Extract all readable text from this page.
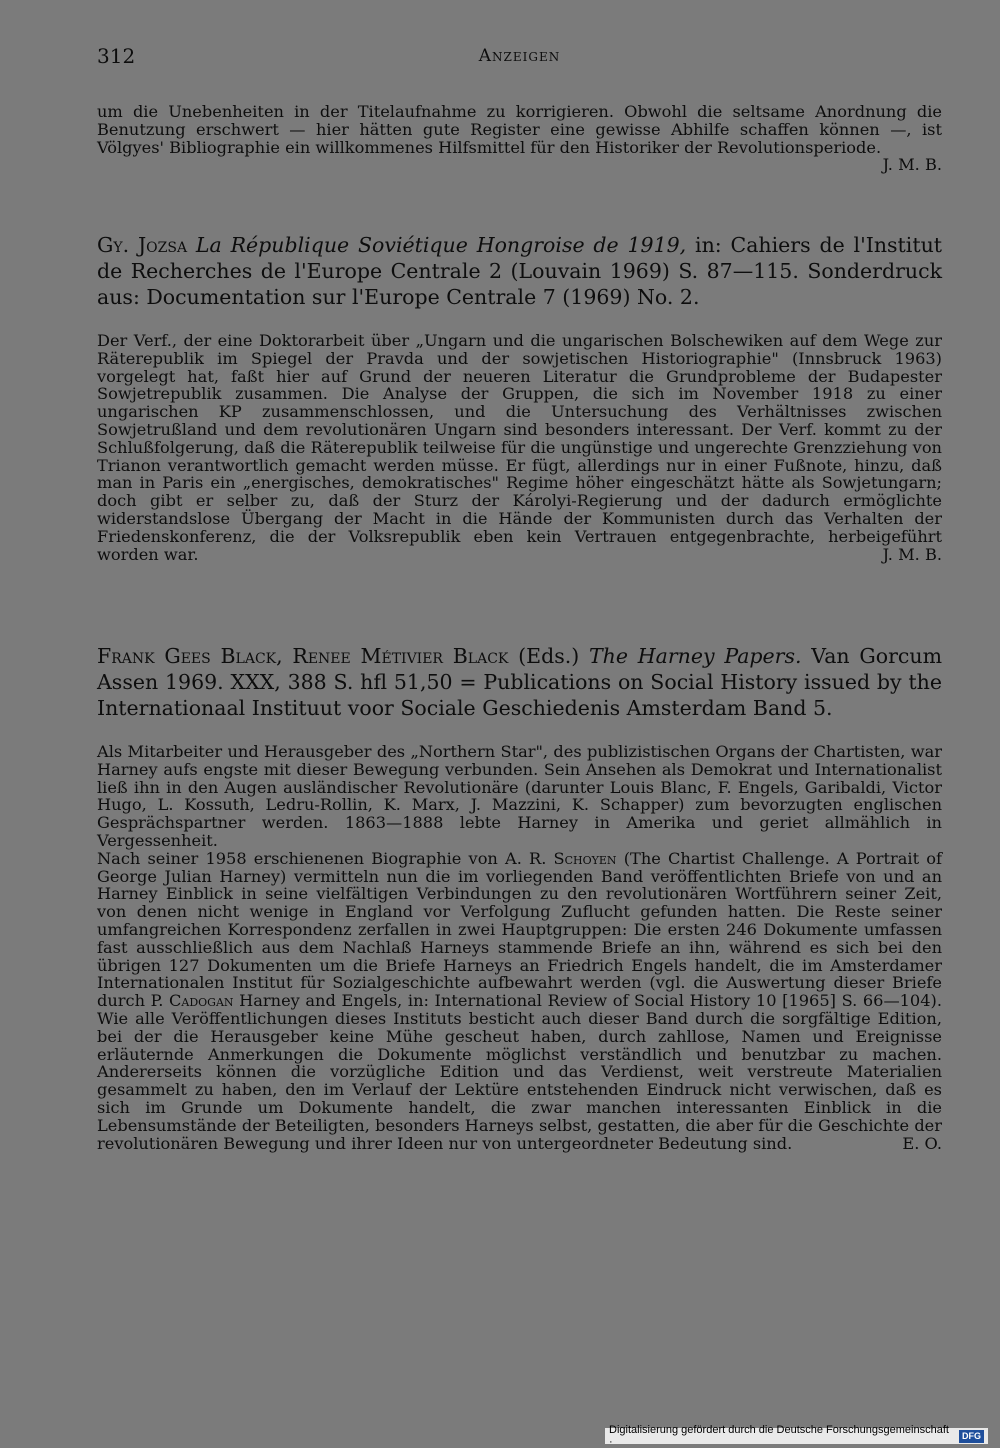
312	Anzeigen

um die Unebenheiten in der Titelaufnahme zu korrigieren. Obwohl die seltsame Anordnung die Benutzung erschwert — hier hätten gute Register eine gewisse Abhilfe schaffen können —, ist Völgyes' Bibliographie ein willkommenes Hilfsmittel für den Historiker der Revolutionsperiode.
J. M. B.

Gy. Jozsa La République Soviétique Hongroise de 1919, in: Cahiers de l'Institut de Recherches de l'Europe Centrale 2 (Louvain 1969) S. 87—115. Sonderdruck aus: Documentation sur l'Europe Centrale 7 (1969) No. 2.

Der Verf., der eine Doktorarbeit über „Ungarn und die ungarischen Bolschewiken auf dem Wege zur Räterepublik im Spiegel der Pravda und der sowjetischen Historiographie" (Innsbruck 1963) vorgelegt hat, faßt hier auf Grund der neueren Literatur die Grundprobleme der Budapester Sowjetrepublik zusammen. Die Analyse der Gruppen, die sich im November 1918 zu einer ungarischen KP zusammenschlossen, und die Untersuchung des Verhältnisses zwischen Sowjetrußland und dem revolutionären Ungarn sind besonders interessant. Der Verf. kommt zu der Schlußfolgerung, daß die Räterepublik teilweise für die ungünstige und ungerechte Grenzziehung von Trianon verantwortlich gemacht werden müsse. Er fügt, allerdings nur in einer Fußnote, hinzu, daß man in Paris ein „energisches, demokratisches" Regime höher eingeschätzt hätte als Sowjetungarn; doch gibt er selber zu, daß der Sturz der Károlyi-Regierung und der dadurch ermöglichte widerstandslose Übergang der Macht in die Hände der Kommunisten durch das Verhalten der Friedenskonferenz, die der Volksrepublik eben kein Vertrauen entgegenbrachte, herbeigeführt worden war.	J. M. B.

Frank Gees Black, Renee Métivier Black (Eds.) The Harney Papers. Van Gorcum Assen 1969. XXX, 388 S. hfl 51,50 = Publications on Social History issued by the Internationaal Instituut voor Sociale Geschiedenis Amsterdam Band 5.

Als Mitarbeiter und Herausgeber des „Northern Star", des publizistischen Organs der Chartisten, war Harney aufs engste mit dieser Bewegung verbunden. Sein Ansehen als Demokrat und Internationalist ließ ihn in den Augen ausländischer Revolutionäre (darunter Louis Blanc, F. Engels, Garibaldi, Victor Hugo, L. Kossuth, Ledru-Rollin, K. Marx, J. Mazzini, K. Schapper) zum bevorzugten englischen Gesprächspartner werden. 1863—1888 lebte Harney in Amerika und geriet allmählich in Vergessenheit.

Nach seiner 1958 erschienenen Biographie von A. R. Schoyen (The Chartist Challenge. A Portrait of George Julian Harney) vermitteln nun die im vorliegenden Band veröffentlichten Briefe von und an Harney Einblick in seine vielfältigen Verbindungen zu den revolutionären Wortführern seiner Zeit, von denen nicht wenige in England vor Verfolgung Zuflucht gefunden hatten. Die Reste seiner umfangreichen Korrespondenz zerfallen in zwei Hauptgruppen: Die ersten 246 Dokumente umfassen fast ausschließlich aus dem Nachlaß Harneys stammende Briefe an ihn, während es sich bei den übrigen 127 Dokumenten um die Briefe Harneys an Friedrich Engels handelt, die im Amsterdamer Internationalen Institut für Sozialgeschichte aufbewahrt werden (vgl. die Auswertung dieser Briefe durch P. Cadogan Harney and Engels, in: International Review of Social History 10 [1965] S. 66—104). Wie alle Veröffentlichungen dieses Instituts besticht auch dieser Band durch die sorgfältige Edition, bei der die Herausgeber keine Mühe gescheut haben, durch zahllose, Namen und Ereignisse erläuternde Anmerkungen die Dokumente möglichst verständlich und benutzbar zu machen. Andererseits können die vorzügliche Edition und das Verdienst, weit verstreute Materialien gesammelt zu haben, den im Verlauf der Lektüre entstehenden Eindruck nicht verwischen, daß es sich im Grunde um Dokumente handelt, die zwar manchen interessanten Einblick in die Lebensumstände der Beteiligten, besonders Harneys selbst, gestatten, die aber für die Geschichte der revolutionären Bewegung und ihrer Ideen nur von untergeordneter Bedeutung sind.	E. O.

Digitalisierung gefördert durch die Deutsche Forschungsgemeinschaft ·
DFG
